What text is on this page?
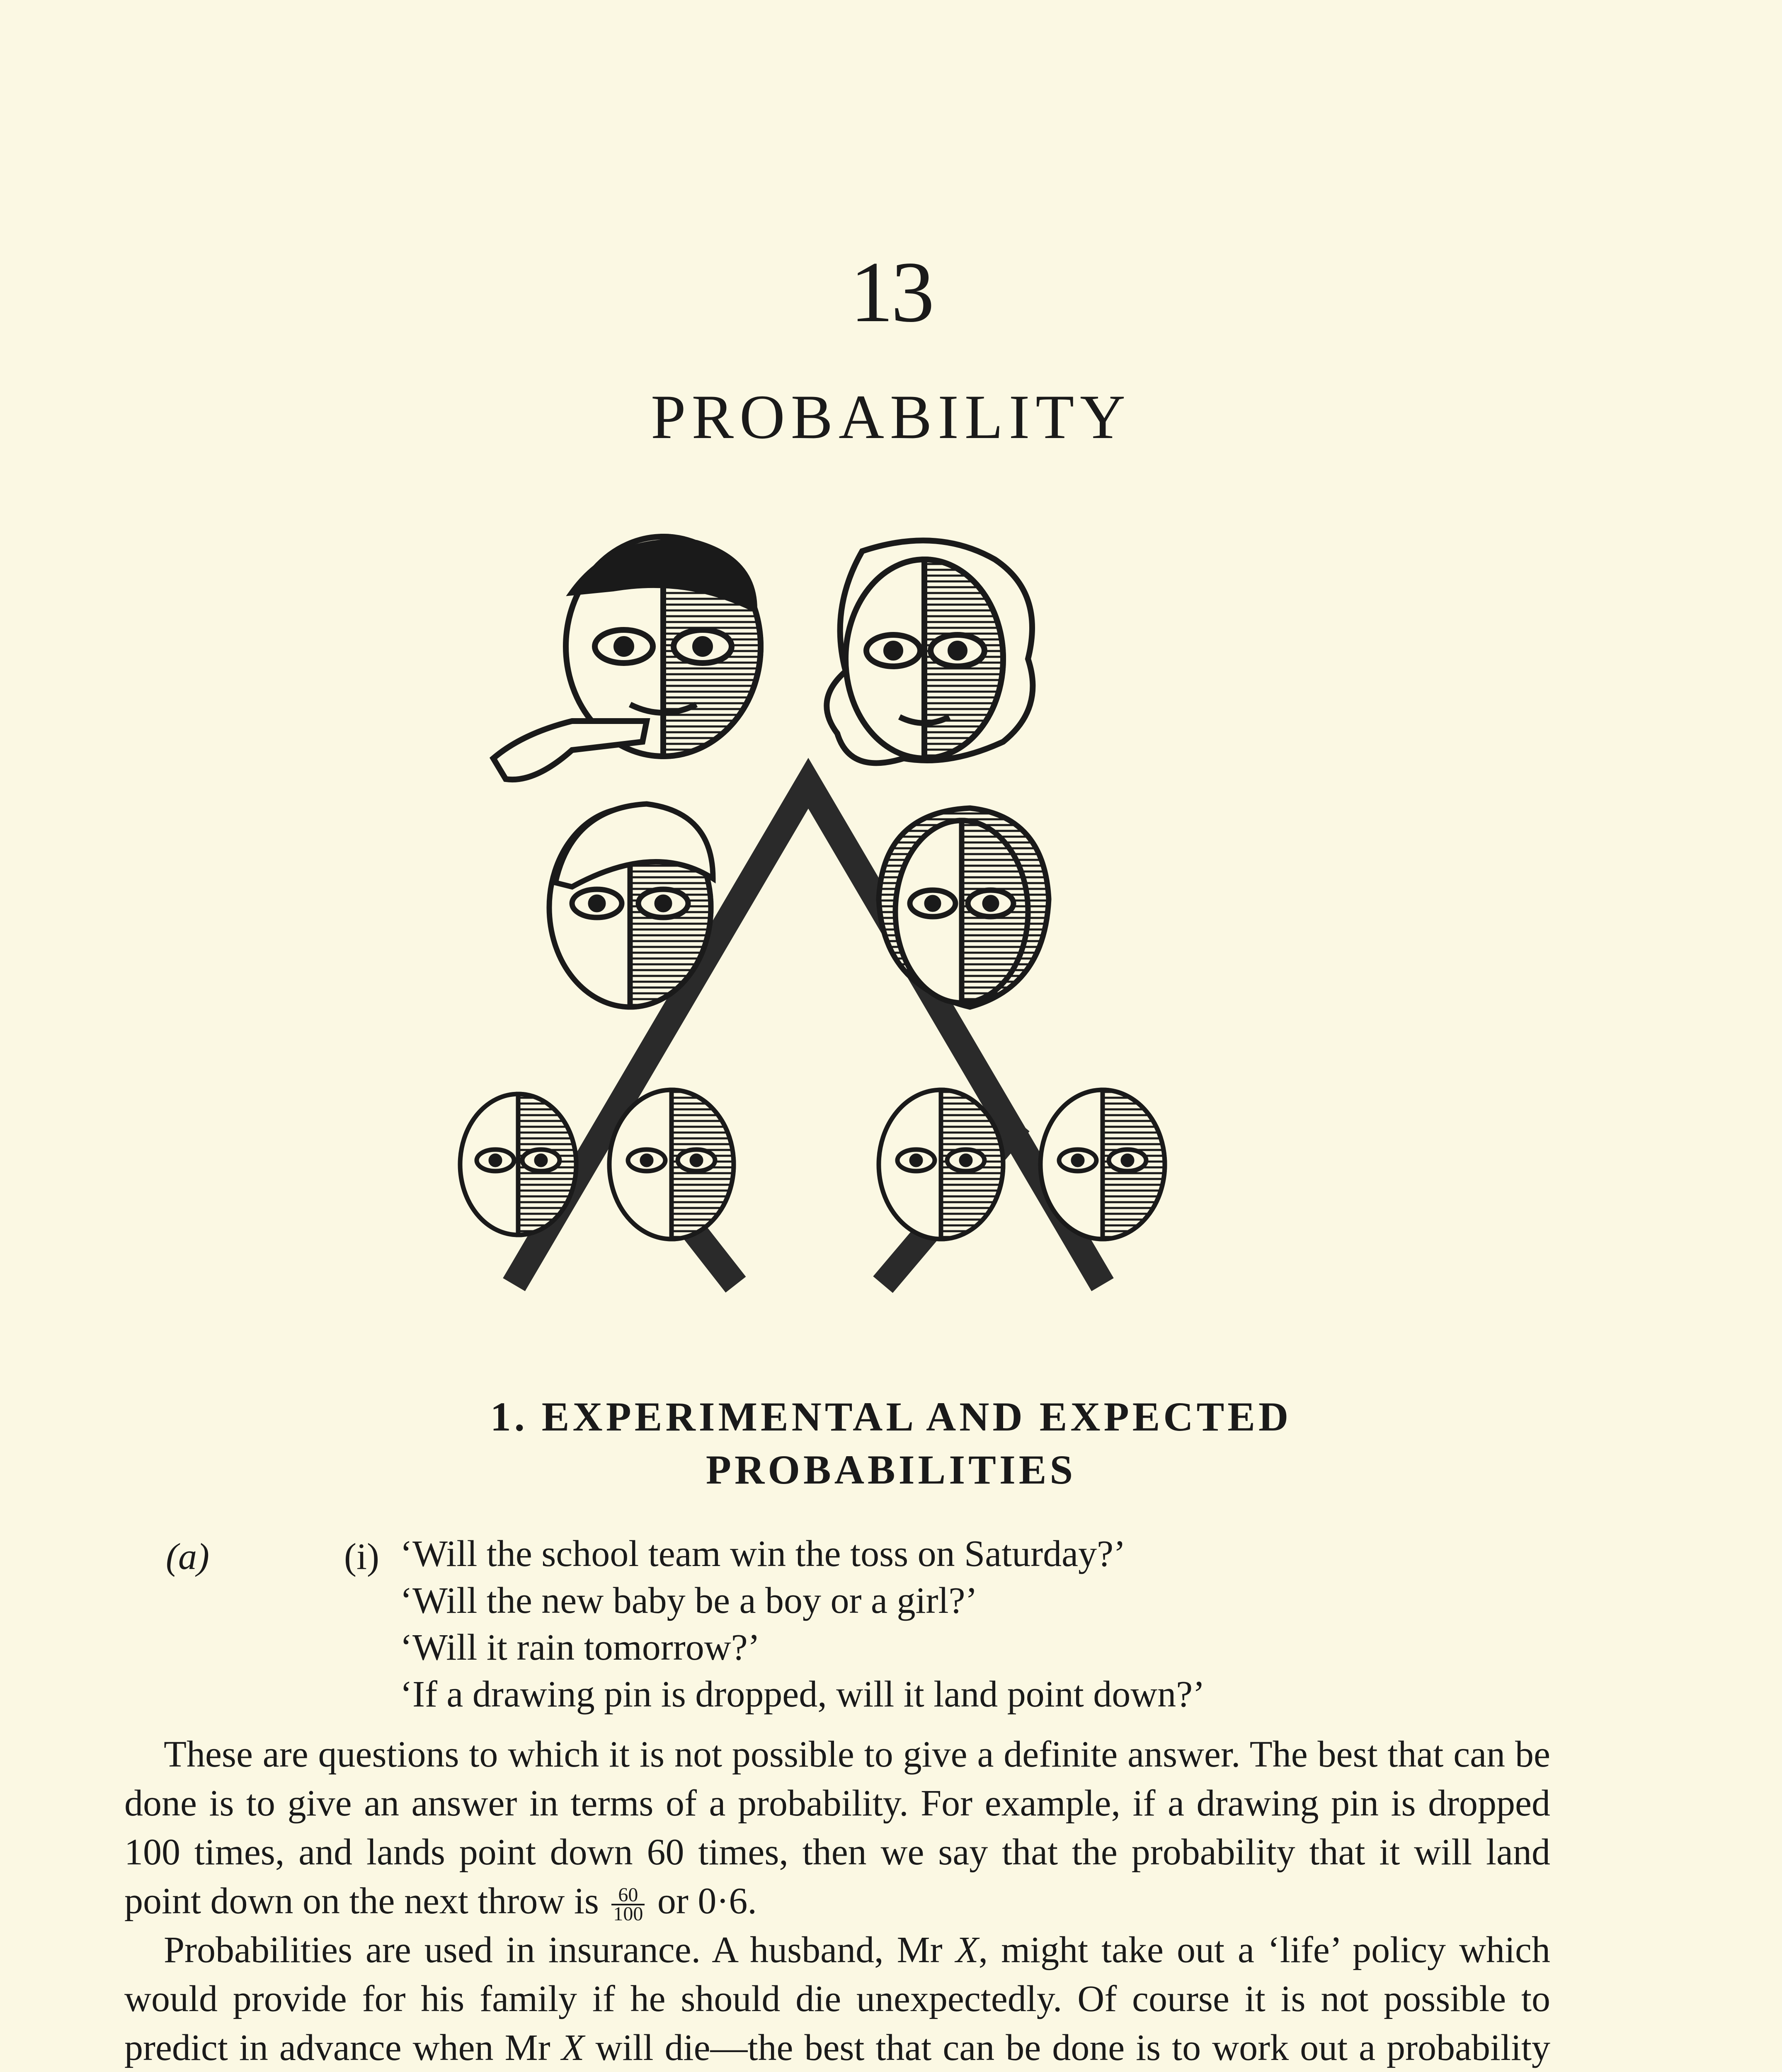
13
PROBABILITY
1. EXPERIMENTAL AND EXPECTED
PROBABILITIES
(a)	(i) ‘Will the school team win the toss on Saturday?’
‘Will the new baby be a boy or a girl?’
‘Will it rain tomorrow?’
‘If a drawing pin is dropped, will it land point down?’

These are questions to which it is not possible to give a definite answer. The best that can be done is to give an answer in terms of a probability. For example, if a drawing pin is dropped 100 times, and lands point down 60 times, then we say that the probability that it will land point down on the next throw is $\frac{60}{100}$ or 0·6.

Probabilities are used in insurance. A husband, Mr X, might take out a ‘life’ policy which would provide for his family if he should die unexpectedly. Of course it is not possible to predict in advance when Mr X will die—the best that can be done is to work out a probability
